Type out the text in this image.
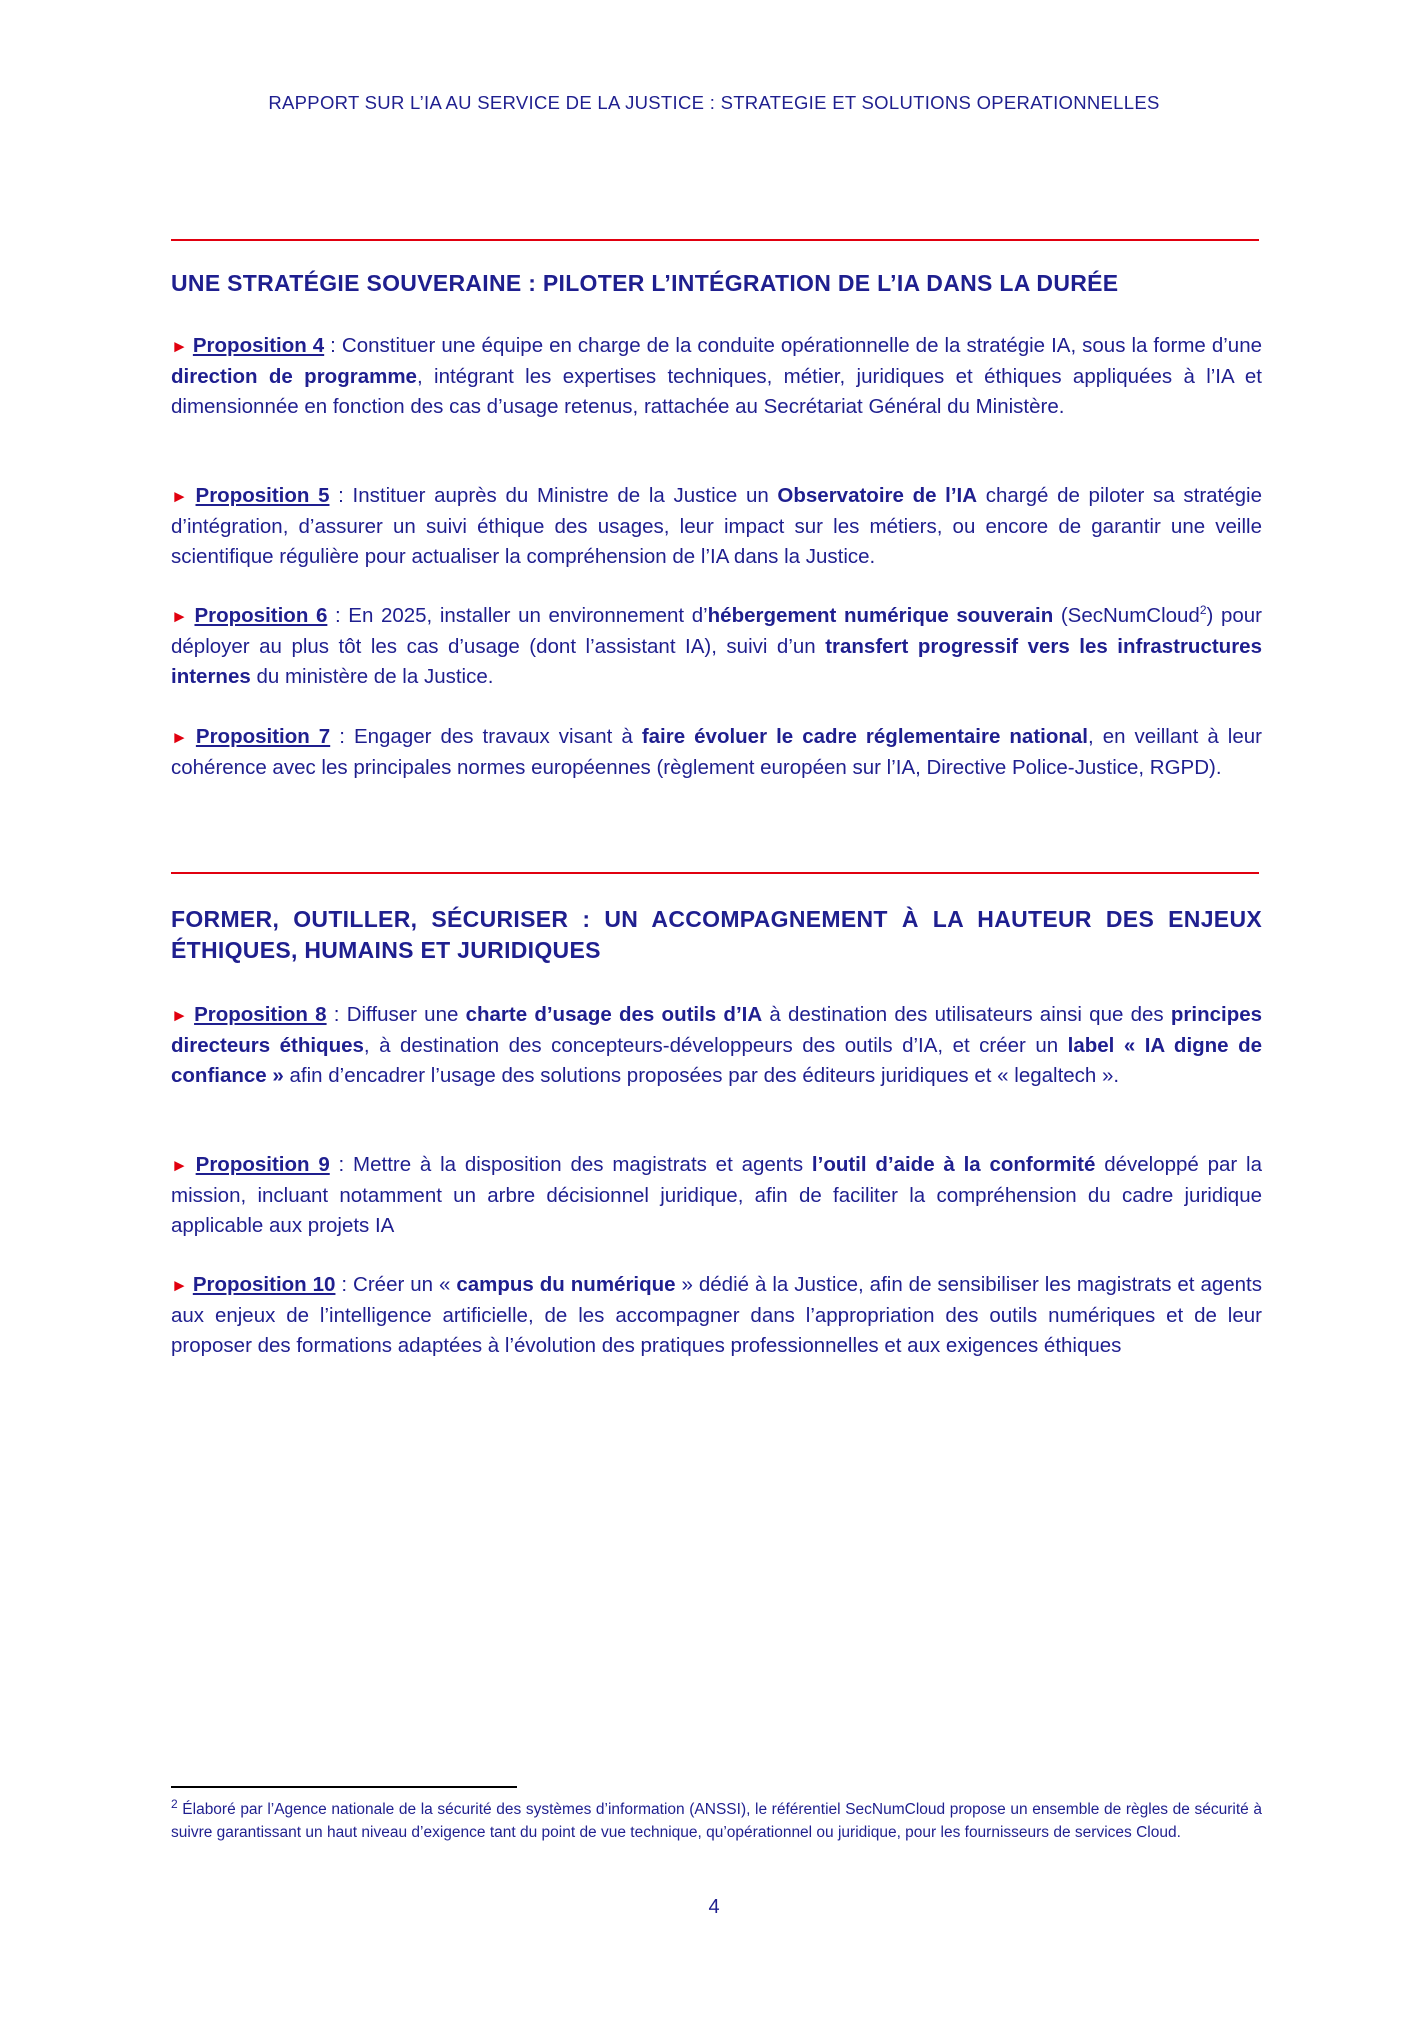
RAPPORT SUR L’IA AU SERVICE DE LA JUSTICE : STRATEGIE ET SOLUTIONS OPERATIONNELLES
UNE STRATÉGIE SOUVERAINE : PILOTER L’INTÉGRATION DE L’IA DANS LA DURÉE
► Proposition 4 : Constituer une équipe en charge de la conduite opérationnelle de la stratégie IA, sous la forme d’une direction de programme, intégrant les expertises techniques, métier, juridiques et éthiques appliquées à l’IA et dimensionnée en fonction des cas d’usage retenus, rattachée au Secrétariat Général du Ministère.
► Proposition 5 : Instituer auprès du Ministre de la Justice un Observatoire de l’IA chargé de piloter sa stratégie d’intégration, d’assurer un suivi éthique des usages, leur impact sur les métiers, ou encore de garantir une veille scientifique régulière pour actualiser la compréhension de l’IA dans la Justice.
► Proposition 6 : En 2025, installer un environnement d’hébergement numérique souverain (SecNumCloud$^2$) pour déployer au plus tôt les cas d’usage (dont l’assistant IA), suivi d’un transfert progressif vers les infrastructures internes du ministère de la Justice.
► Proposition 7 : Engager des travaux visant à faire évoluer le cadre réglementaire national, en veillant à leur cohérence avec les principales normes européennes (règlement européen sur l’IA, Directive Police-Justice, RGPD).
FORMER, OUTILLER, SÉCURISER : UN ACCOMPAGNEMENT À LA HAUTEUR DES ENJEUX
ÉTHIQUES, HUMAINS ET JURIDIQUES
► Proposition 8 : Diffuser une charte d’usage des outils d’IA à destination des utilisateurs ainsi que des principes directeurs éthiques, à destination des concepteurs-développeurs des outils d’IA, et créer un label « IA digne de confiance » afin d’encadrer l’usage des solutions proposées par des éditeurs juridiques et « legaltech ».
► Proposition 9 : Mettre à la disposition des magistrats et agents l’outil d’aide à la conformité développé par la mission, incluant notamment un arbre décisionnel juridique, afin de faciliter la compréhension du cadre juridique applicable aux projets IA
► Proposition 10 : Créer un « campus du numérique » dédié à la Justice, afin de sensibiliser les magistrats et agents aux enjeux de l’intelligence artificielle, de les accompagner dans l’appropriation des outils numériques et de leur proposer des formations adaptées à l’évolution des pratiques professionnelles et aux exigences éthiques
$^2$ Élaboré par l’Agence nationale de la sécurité des systèmes d’information (ANSSI), le référentiel SecNumCloud propose un ensemble de règles de sécurité à suivre garantissant un haut niveau d’exigence tant du point de vue technique, qu’opérationnel ou juridique, pour les fournisseurs de services Cloud.
4
